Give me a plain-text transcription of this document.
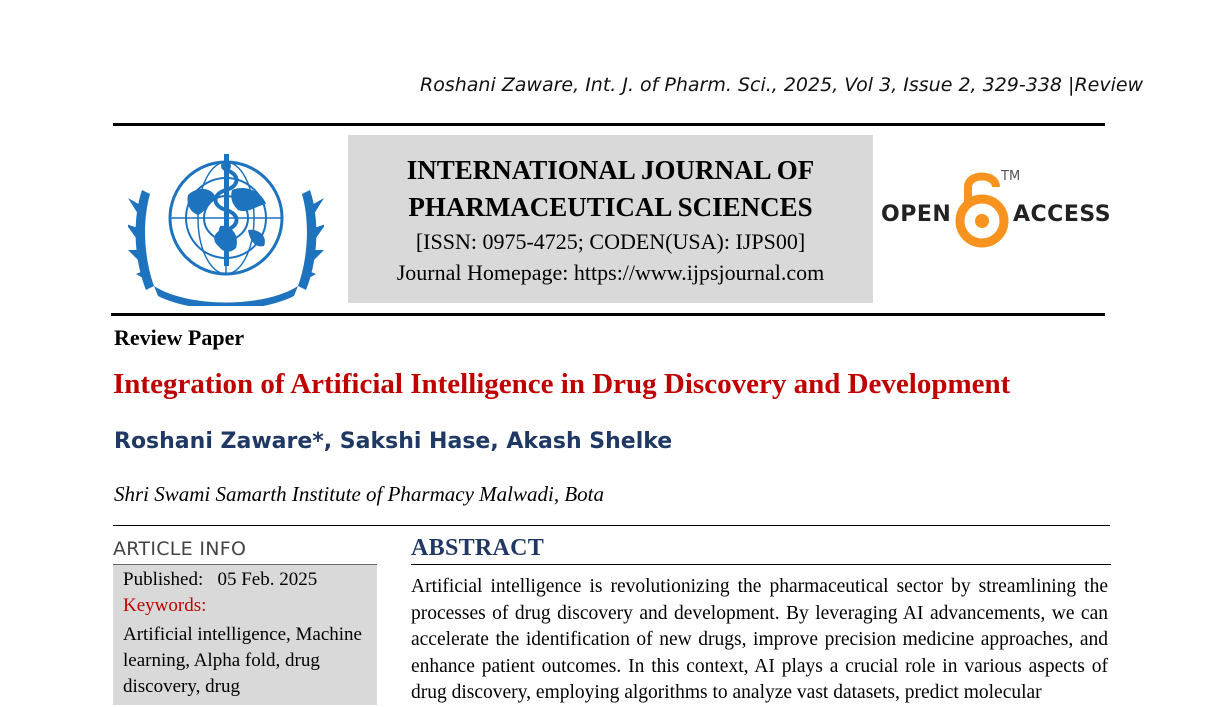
Roshani Zaware, Int. J. of Pharm. Sci., 2025, Vol 3, Issue 2, 329-338 |Review
INTERNATIONAL JOURNAL OF
PHARMACEUTICAL SCIENCES
[ISSN: 0975-4725; CODEN(USA): IJPS00]
Journal Homepage: https://www.ijpsjournal.com
OPEN
TM
ACCESS
Review Paper
Integration of Artificial Intelligence in Drug Discovery and Development
Roshani Zaware*, Sakshi Hase, Akash Shelke
Shri Swami Samarth Institute of Pharmacy Malwadi, Bota
ARTICLE INFO
Published: 05 Feb. 2025
Keywords:
Artificial intelligence, Machine learning, Alpha fold, drug discovery, drug
ABSTRACT
Artificial intelligence is revolutionizing the pharmaceutical sector by streamlining the processes of drug discovery and development. By leveraging AI advancements, we can accelerate the identification of new drugs, improve precision medicine approaches, and enhance patient outcomes. In this context, AI plays a crucial role in various aspects of drug discovery, employing algorithms to analyze vast datasets, predict molecular
